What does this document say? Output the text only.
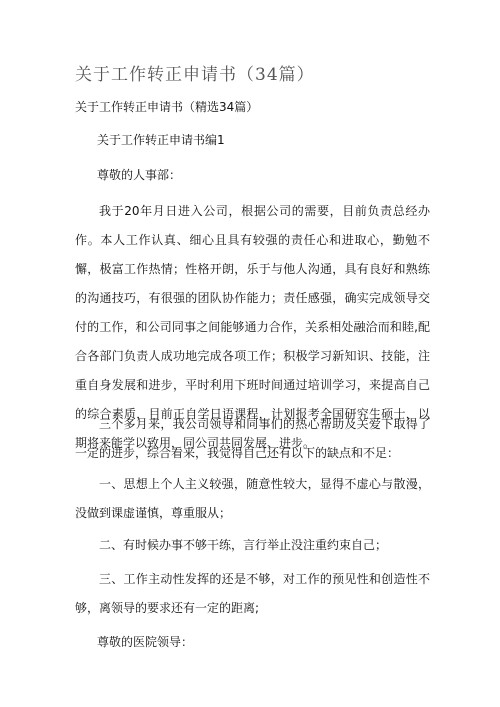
关于工作转正申请书（34篇）
关于工作转正申请书（精选34篇）
关于工作转正申请书编1
尊敬的人事部：

我于20年月日进入公司，根据公司的需要，目前负责总经办作。本人工作认真、细心且具有较强的责任心和进取心，勤勉不懈，极富工作热情；性格开朗，乐于与他人沟通，具有良好和熟练的沟通技巧，有很强的团队协作能力；责任感强，确实完成领导交付的工作，和公司同事之间能够通力合作，关系相处融洽而和睦,配合各部门负责人成功地完成各项工作；积极学习新知识、技能，注重自身发展和进步，平时利用下班时间通过培训学习，来提高自己的综合素质，目前正自学日语课程，计划报考全国研究生硕士，以期将来能学以致用，同公司共同发展、进步。

三个多月来，我公司领导和同事们的热心帮助及关爱下取得了一定的进步，综合看来，我觉得自己还有以下的缺点和不足：

一、思想上个人主义较强，随意性较大，显得不虚心与散漫，没做到课虚谨慎，尊重服从；

二、有时候办事不够干练，言行举止没注重约束自己；

三、工作主动性发挥的还是不够，对工作的预见性和创造性不够，离领导的要求还有一定的距离;

尊敬的医院领导：
